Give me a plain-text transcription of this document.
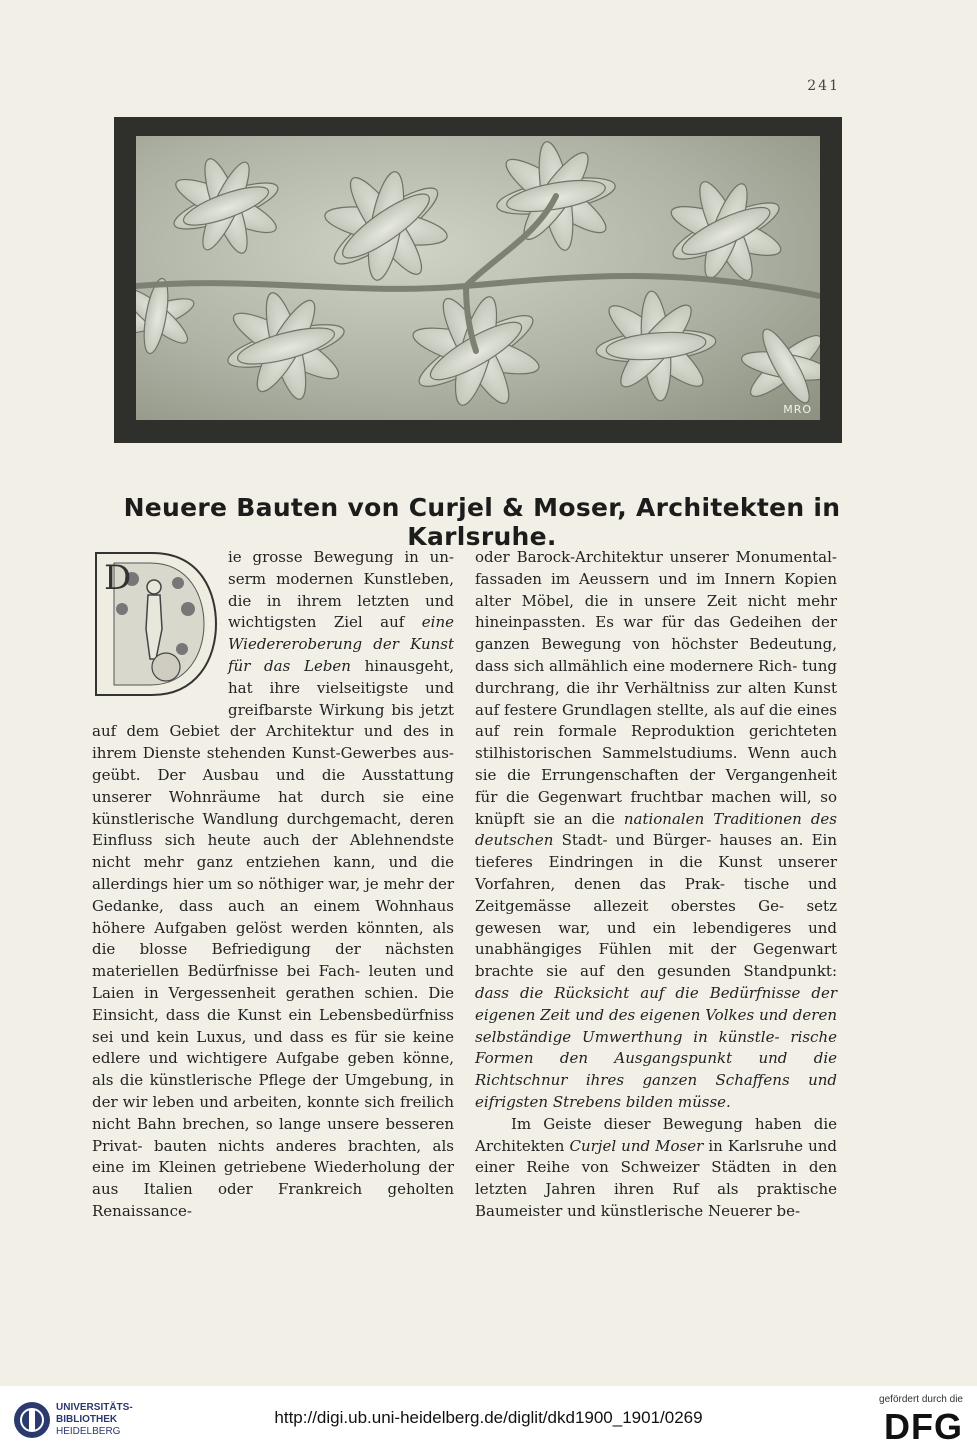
241
MRO
Neuere Bauten von Curjel & Moser, Architekten in Karlsruhe.
D

ie grosse Bewegung in un- serm modernen Kunstleben, die in ihrem letzten und wichtigsten Ziel auf eine Wiedereroberung der Kunst für das Leben hinausgeht, hat ihre vielseitigste und greifbarste Wirkung bis jetzt auf dem Gebiet der Architektur und des in ihrem Dienste stehenden Kunst-Gewerbes aus- geübt. Der Ausbau und die Ausstattung unserer Wohnräume hat durch sie eine künstlerische Wandlung durchgemacht, deren Einfluss sich heute auch der Ablehnendste nicht mehr ganz entziehen kann, und die allerdings hier um so nöthiger war, je mehr der Gedanke, dass auch an einem Wohnhaus höhere Aufgaben gelöst werden könnten, als die blosse Befriedigung der nächsten materiellen Bedürfnisse bei Fach- leuten und Laien in Vergessenheit gerathen schien. Die Einsicht, dass die Kunst ein Lebensbedürfniss sei und kein Luxus, und dass es für sie keine edlere und wichtigere Aufgabe geben könne, als die künstlerische Pflege der Umgebung, in der wir leben und arbeiten, konnte sich freilich nicht Bahn brechen, so lange unsere besseren Privat- bauten nichts anderes brachten, als eine im Kleinen getriebene Wiederholung der aus Italien oder Frankreich geholten Renaissance-

oder Barock-Architektur unserer Monumental- fassaden im Aeussern und im Innern Kopien alter Möbel, die in unsere Zeit nicht mehr hineinpassten. Es war für das Gedeihen der ganzen Bewegung von höchster Bedeutung, dass sich allmählich eine modernere Rich- tung durchrang, die ihr Verhältniss zur alten Kunst auf festere Grundlagen stellte, als auf die eines auf rein formale Reproduktion gerichteten stilhistorischen Sammelstudiums. Wenn auch sie die Errungenschaften der Vergangenheit für die Gegenwart fruchtbar machen will, so knüpft sie an die nationalen Traditionen des deutschen Stadt- und Bürger- hauses an. Ein tieferes Eindringen in die Kunst unserer Vorfahren, denen das Prak- tische und Zeitgemässe allezeit oberstes Ge- setz gewesen war, und ein lebendigeres und unabhängiges Fühlen mit der Gegenwart brachte sie auf den gesunden Standpunkt: dass die Rücksicht auf die Bedürfnisse der eigenen Zeit und des eigenen Volkes und deren selbständige Umwerthung in künstle- rische Formen den Ausgangspunkt und die Richtschnur ihres ganzen Schaffens und eifrigsten Strebens bilden müsse.

Im Geiste dieser Bewegung haben die Architekten Curjel und Moser in Karlsruhe und einer Reihe von Schweizer Städten in den letzten Jahren ihren Ruf als praktische Baumeister und künstlerische Neuerer be-

UNIVERSITÄTS-
BIBLIOTHEK
HEIDELBERG
http://digi.ub.uni-heidelberg.de/diglit/dkd1900_1901/0269
gefördert durch die
DFG
